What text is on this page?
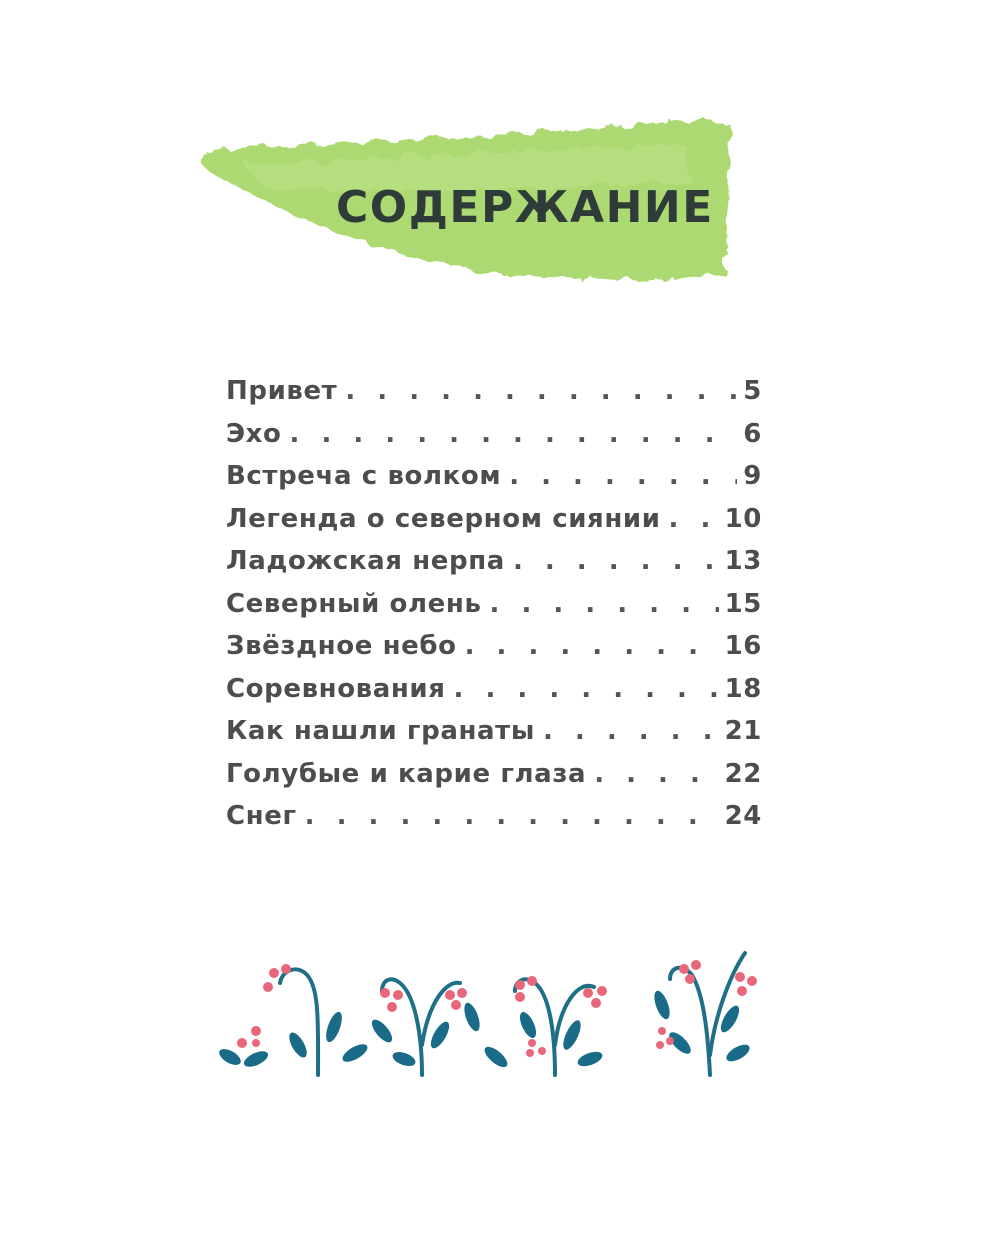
СОДЕРЖАНИЕ
Привет . . .	5
Эхо . . .	6
Встреча с волком . . .	9
Легенда о северном сиянии . . . 10
Ладожская нерпа . . .	13
Северный олень . . .	15
Звёздное небо . . .	16
Соревнования . . .	18
Как нашли гранаты . . .	21
Голубые и карие глаза . . .	22
Снег . . .	24
